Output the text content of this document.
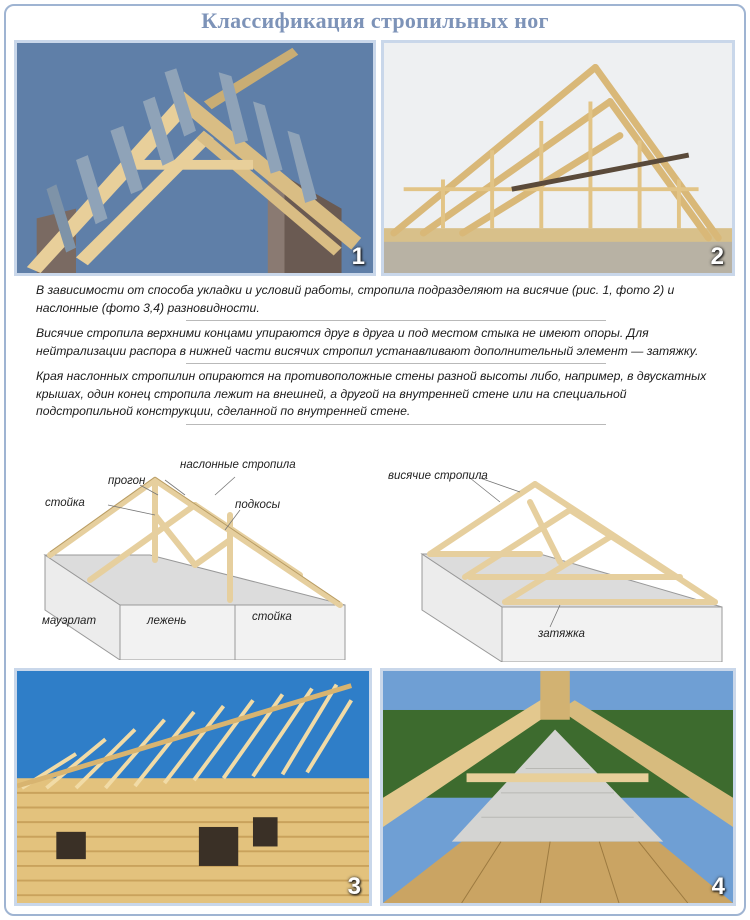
Классификация стропильных ног
1	2

В зависимости от способа укладки и условий работы, стропила подразделяют на висячие (рис. 1, фото 2) и наслонные (фото 3,4) разновидности.

Висячие стропила верхними концами упираются друг в друга и под местом стыка не имеют опоры. Для нейтрализации распора в нижней части висячих стропил устанавливают дополнительный элемент — затяжку.

Края наслонных стропилин опираются на противоположные стены разной высоты либо, например, в двускатных крышах, один конец стропила лежит на внешней, а другой на внутренней стене или на специальной подстропильной конструкции, сделанной по внутренней стене.

наслонные стропила
прогон
стойка	подкосы
мауэрлат	лежень	стойка
висячие стропила
затяжка
3	4
